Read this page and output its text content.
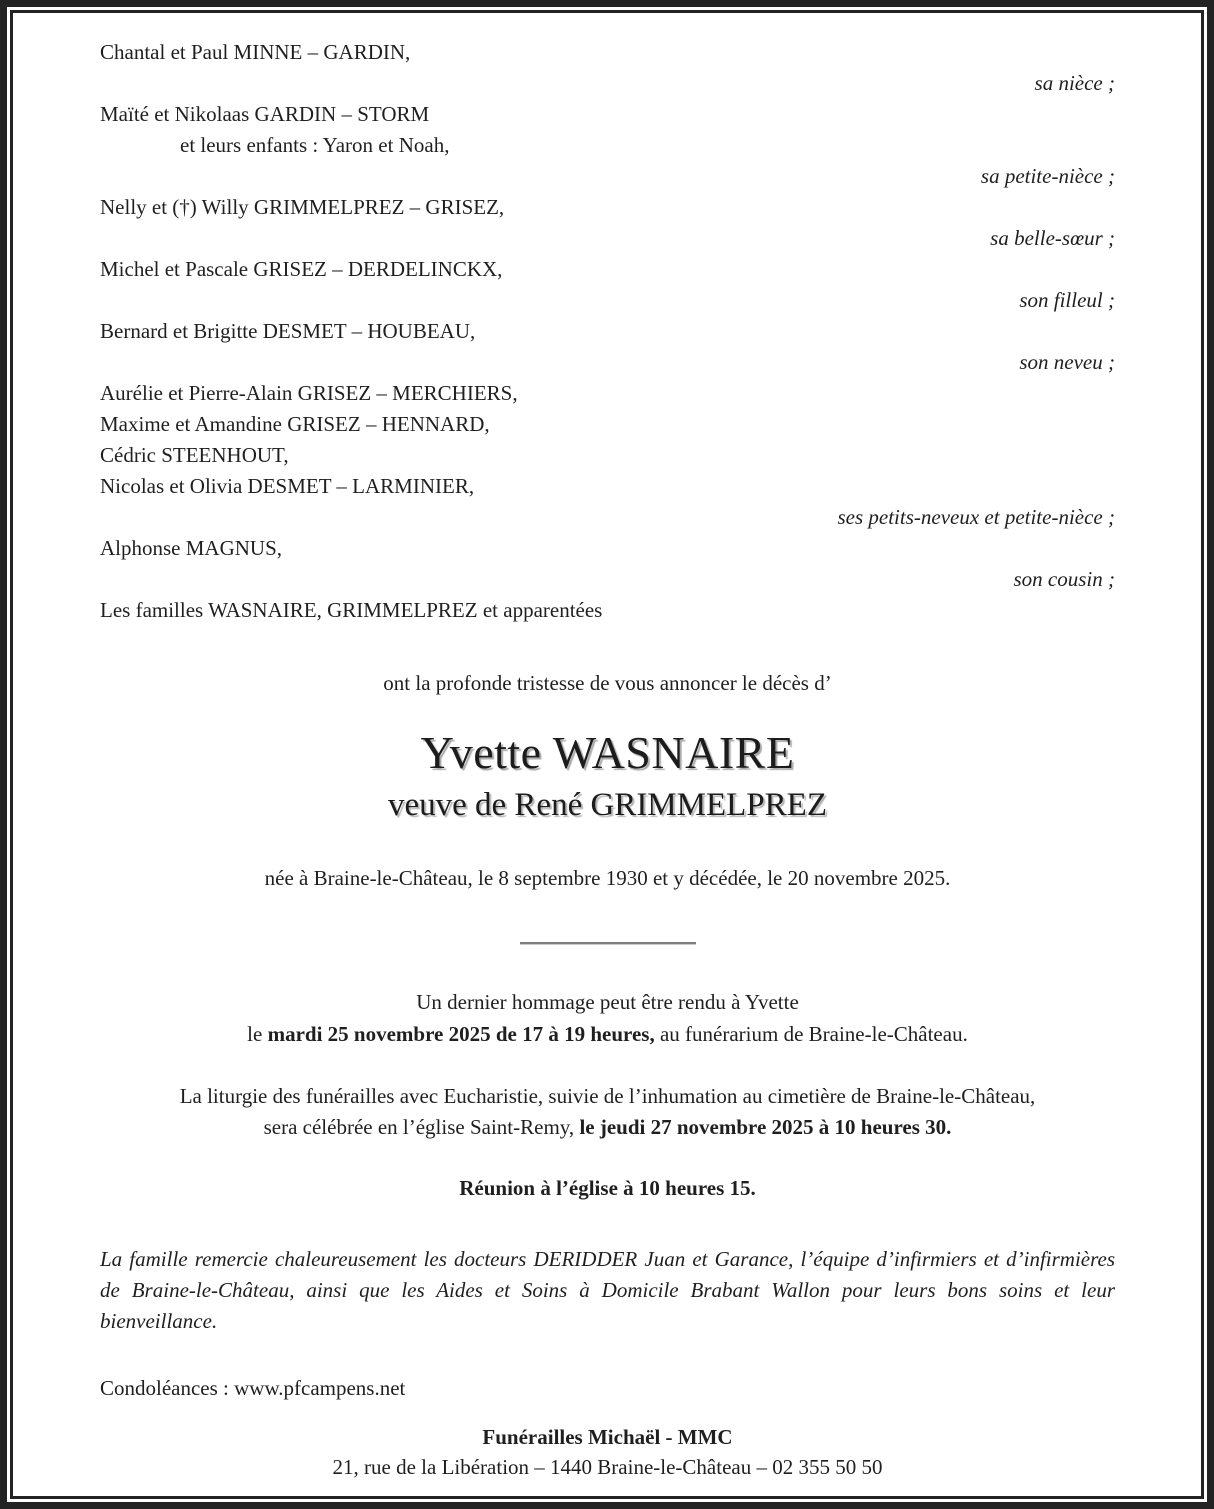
Chantal et Paul MINNE – GARDIN,

sa nièce ;

Maïté et Nikolaas GARDIN – STORM

et leurs enfants : Yaron et Noah,

sa petite-nièce ;

Nelly et (†) Willy GRIMMELPREZ – GRISEZ,

sa belle-sœur ;

Michel et Pascale GRISEZ – DERDELINCKX,

son filleul ;

Bernard et Brigitte DESMET – HOUBEAU,

son neveu ;

Aurélie et Pierre-Alain GRISEZ – MERCHIERS,

Maxime et Amandine GRISEZ – HENNARD,

Cédric STEENHOUT,

Nicolas et Olivia DESMET – LARMINIER,

ses petits-neveux et petite-nièce ;

Alphonse MAGNUS,

son cousin ;

Les familles WASNAIRE, GRIMMELPREZ et apparentées

ont la profonde tristesse de vous annoncer le décès d’

Yvette WASNAIRE
veuve de René GRIMMELPREZ

née à Braine-le-Château, le 8 septembre 1930 et y décédée, le 20 novembre 2025.

Un dernier hommage peut être rendu à Yvette

le mardi 25 novembre 2025 de 17 à 19 heures, au funérarium de Braine-le-Château.

La liturgie des funérailles avec Eucharistie, suivie de l’inhumation au cimetière de Braine-le-Château,

sera célébrée en l’église Saint-Remy, le jeudi 27 novembre 2025 à 10 heures 30.

Réunion à l’église à 10 heures 15.

La famille remercie chaleureusement les docteurs DERIDDER Juan et Garance, l’équipe d’infirmiers et d’infirmières de Braine-le-Château, ainsi que les Aides et Soins à Domicile Brabant Wallon pour leurs bons soins et leur bienveillance.

Condoléances : www.pfcampens.net

Funérailles Michaël - MMC

21, rue de la Libération – 1440 Braine-le-Château – 02 355 50 50
